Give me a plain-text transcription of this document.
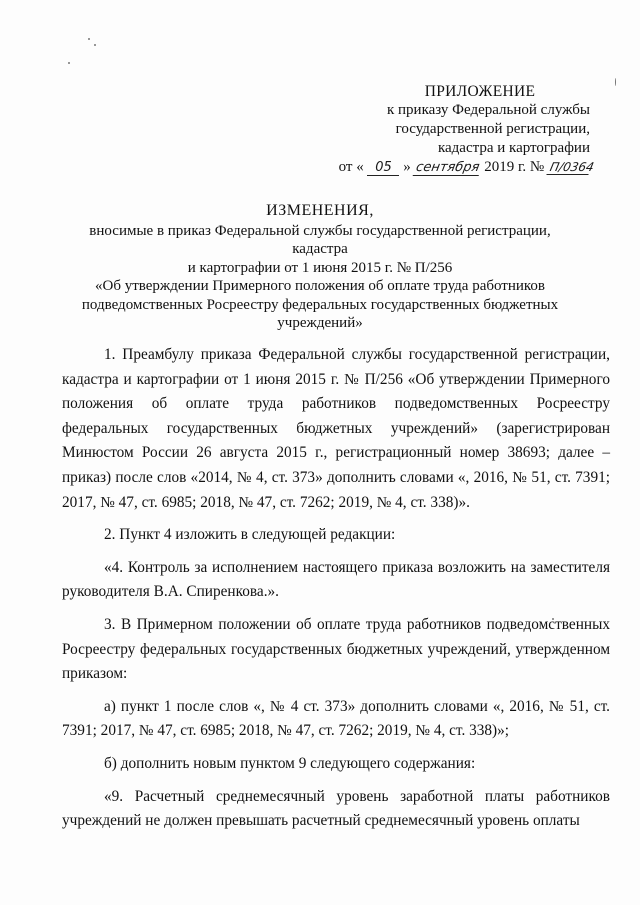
ПРИЛОЖЕНИЕ
к приказу Федеральной службы
государственной регистрации,
кадастра и картографии
от « 05 » сентября 2019 г. № П/0364
ИЗМЕНЕНИЯ,
вносимые в приказ Федеральной службы государственной регистрации, кадастра
и картографии от 1 июня 2015 г. № П/256
«Об утверждении Примерного положения об оплате труда работников
подведомственных Росреестру федеральных государственных бюджетных
учреждений»

1. Преамбулу приказа Федеральной службы государственной регистрации, кадастра и картографии от 1 июня 2015 г. № П/256 «Об утверждении Примерного положения об оплате труда работников подведомственных Росреестру федеральных государственных бюджетных учреждений» (зарегистрирован Минюстом России 26 августа 2015 г., регистрационный номер 38693; далее – приказ) после слов «2014, № 4, ст. 373» дополнить словами «, 2016, № 51, ст. 7391; 2017, № 47, ст. 6985; 2018, № 47, ст. 7262; 2019, № 4, ст. 338)».

2. Пункт 4 изложить в следующей редакции:

«4. Контроль за исполнением настоящего приказа возложить на заместителя руководителя В.А. Спиренкова.».

3. В Примерном положении об оплате труда работников подведомственных Росреестру федеральных государственных бюджетных учреждений, утвержденном приказом:

а) пункт 1 после слов «, № 4 ст. 373» дополнить словами «, 2016, № 51, ст. 7391; 2017, № 47, ст. 6985; 2018, № 47, ст. 7262; 2019, № 4, ст. 338)»;

б) дополнить новым пунктом 9 следующего содержания:

«9. Расчетный среднемесячный уровень заработной платы работников учреждений не должен превышать расчетный среднемесячный уровень оплаты
